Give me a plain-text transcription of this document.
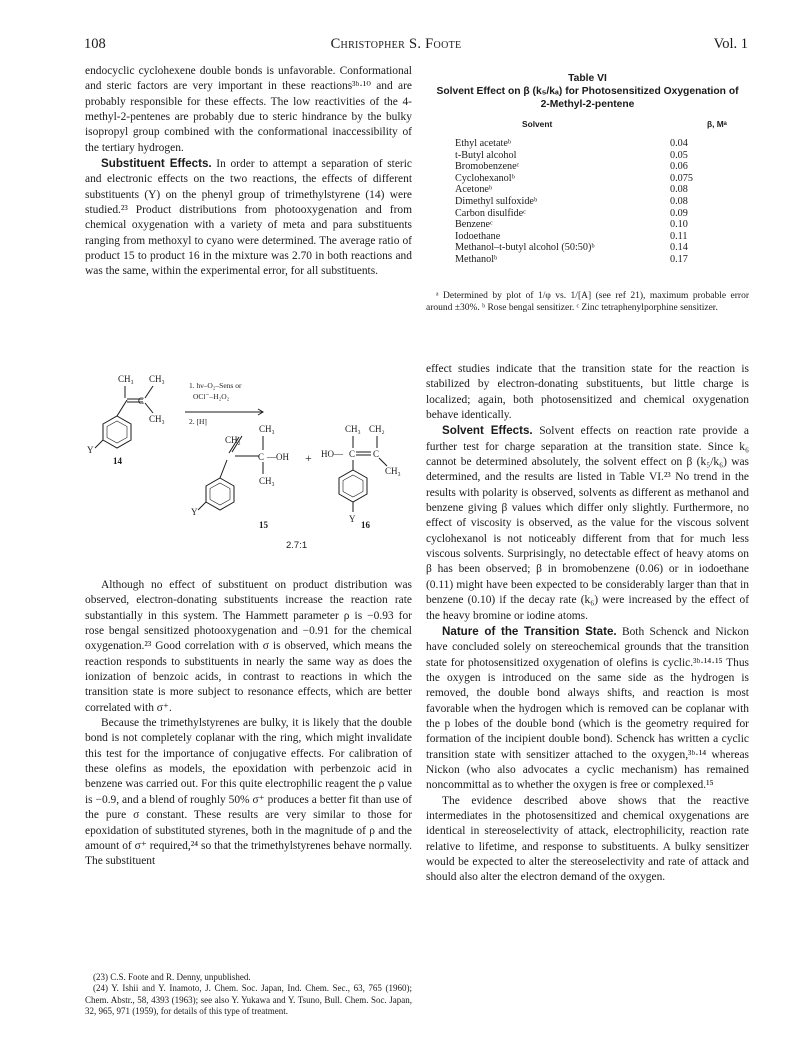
108	Christopher S. Foote	Vol. 1

endocyclic cyclohexene double bonds is unfavorable. Conformational and steric factors are very important in these reactions³ᵇ·¹⁰ and are probably responsible for these effects. The low reactivities of the 4-methyl-2-pentenes are probably due to steric hindrance by the bulky isopropyl group combined with the conformational inaccessibility of the tertiary hydrogen.

Substituent Effects. In order to attempt a separation of steric and electronic effects on the two reactions, the effects of different substituents (Y) on the phenyl group of trimethylstyrene (14) were studied.²³ Product distributions from photooxygenation and from chemical oxygenation with a variety of meta and para substituents ranging from methoxyl to cyano were determined. The average ratio of product 15 to product 16 in the mixture was 2.70 in both reactions and was the same, within the experimental error, for all substituents.

CH₃ CH₃
C
CH₃
Y
14
1. hν–O₂–Sens or
OCl⁻–H₂O₂
2. [H]
CH₂
CH₃
C —OH
CH₃
Y
15
+
CH₃ CH₂
HO— C C
CH₃
Y
16
2.7:1

Although no effect of substituent on product distribution was observed, electron-donating substituents increase the reaction rate substantially in this system. The Hammett parameter ρ is −0.93 for rose bengal sensitized photooxygenation and −0.91 for the chemical oxygenation.²³ Good correlation with σ is observed, which means the reaction responds to substituents in nearly the same way as does the ionization of benzoic acids, in contrast to reactions in which the transition state is more subject to resonance effects, which are better correlated with σ⁺.

Because the trimethylstyrenes are bulky, it is likely that the double bond is not completely coplanar with the ring, which might invalidate this test for the importance of conjugative effects. For calibration of these olefins as models, the epoxidation with perbenzoic acid in benzene was carried out. For this quite electrophilic reagent the ρ value is −0.9, and a blend of roughly 50% σ⁺ produces a better fit than use of the pure σ constant. These results are very similar to those for epoxidation of substituted styrenes, both in the magnitude of ρ and the amount of σ⁺ required,²⁴ so that the trimethylstyrenes behave normally. The substituent

(23) C.S. Foote and R. Denny, unpublished.

(24) Y. Ishii and Y. Inamoto, J. Chem. Soc. Japan, Ind. Chem. Sec., 63, 765 (1960); Chem. Abstr., 58, 4393 (1963); see also Y. Yukawa and Y. Tsuno, Bull. Chem. Soc. Japan, 32, 965, 971 (1959), for details of this type of treatment.

Table VI
Solvent Effect on β (k₅/kₐ) for Photosensitized Oxygenation of
2-Methyl-2-pentene
Solvent	β, Mᵃ
Ethyl acetateᵇ	0.04
t-Butyl alcohol	0.05
Bromobenzeneᶜ	0.06
Cyclohexanolᵇ	0.075
Acetoneᵇ	0.08
Dimethyl sulfoxideᵇ	0.08
Carbon disulfideᶜ	0.09
Benzeneᶜ	0.10
Iodoethane	0.11
Methanol–t-butyl alcohol (50:50)ᵇ	0.14
Methanolᵇ	0.17

ᵃ Determined by plot of 1/φ vs. 1/[A] (see ref 21), maximum probable error around ±30%. ᵇ Rose bengal sensitizer. ᶜ Zinc tetraphenylporphine sensitizer.

effect studies indicate that the transition state for the reaction is stabilized by electron-donating substituents, but little charge is localized; again, both photosensitized and chemical oxygenation behave identically.

Solvent Effects. Solvent effects on reaction rate provide a further test for charge separation at the transition state. Since k₆ cannot be determined absolutely, the solvent effect on β (k₅/k₆) was determined, and the results are listed in Table VI.²³ No trend in the results with polarity is observed, solvents as different as methanol and benzene giving β values which differ only slightly. Furthermore, no effect of viscosity is observed, as the value for the viscous solvent cyclohexanol is not noticeably different from that for much less viscous solvents. Surprisingly, no detectable effect of heavy atoms on β has been observed; β in bromobenzene (0.06) or in iodoethane (0.11) might have been expected to be considerably larger than that in benzene (0.10) if the decay rate (k₆) were increased by the effect of the heavy bromine or iodine atoms.

Nature of the Transition State. Both Schenck and Nickon have concluded solely on stereochemical grounds that the transition state for photosensitized oxygenation of olefins is cyclic.³ᵇ·¹⁴·¹⁵ Thus the oxygen is introduced on the same side as the hydrogen is removed, the double bond always shifts, and reaction is most favorable when the hydrogen which is removed can be coplanar with the p lobes of the double bond (which is the geometry required for formation of the incipient double bond). Schenck has written a cyclic transition state with sensitizer attached to the oxygen,³ᵇ·¹⁴ whereas Nickon (who also advocates a cyclic mechanism) has remained noncommittal as to whether the oxygen is free or complexed.¹⁵

The evidence described above shows that the reactive intermediates in the photosensitized and chemical oxygenations are identical in stereoselectivity of attack, electrophilicity, reaction rate relative to lifetime, and response to substituents. A bulky sensitizer would be expected to alter the stereoselectivity and rate of attack and should also alter the electron demand of the oxygen.
